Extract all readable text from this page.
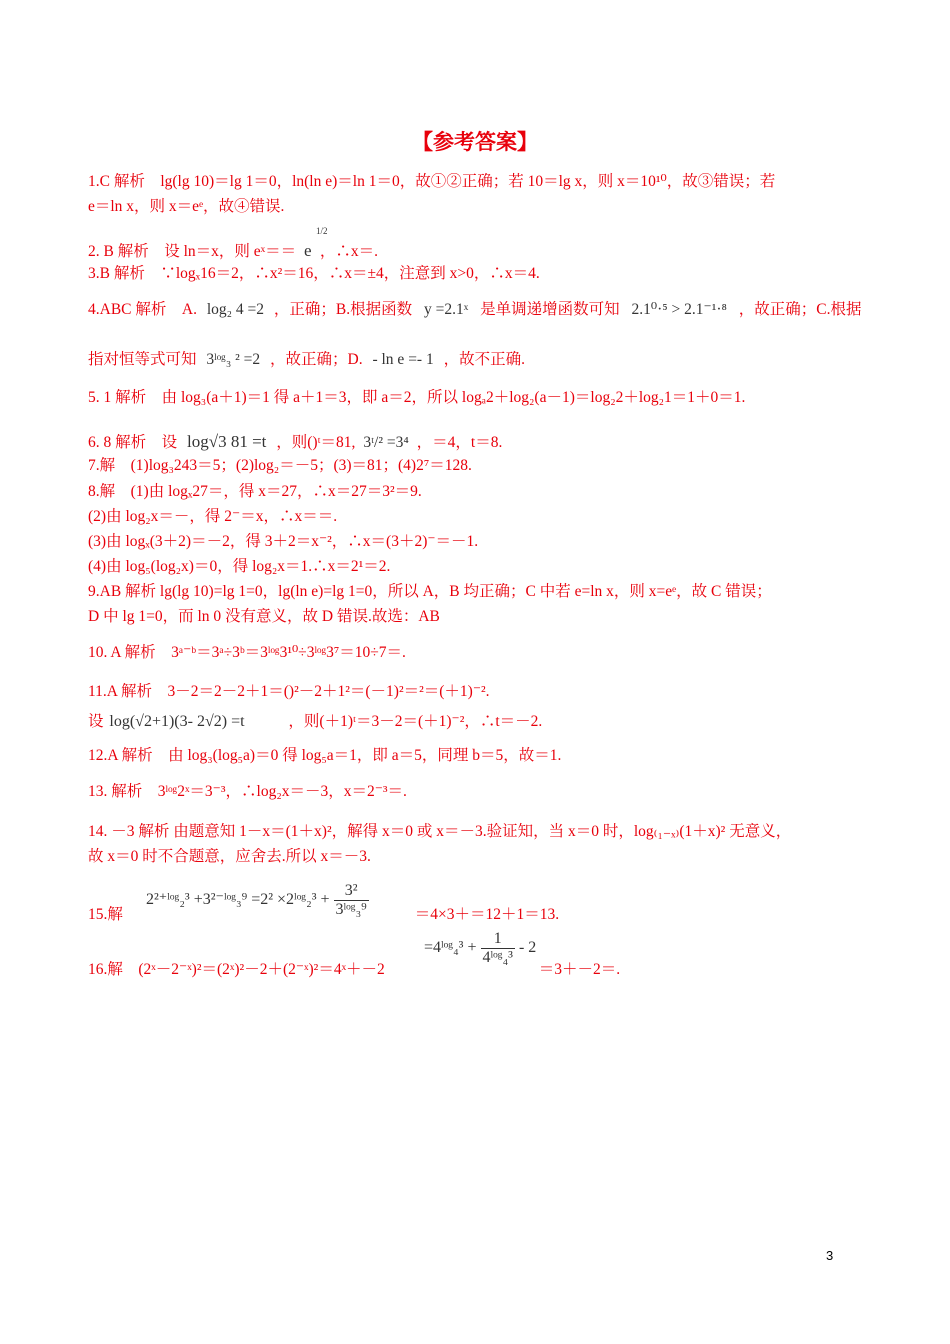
【参考答案】
1.C 解析　lg(lg 10)＝lg 1＝0，ln(ln e)＝ln 1＝0，故①②正确；若 10＝lg x，则 x＝10¹⁰，故③错误；若
e＝ln x，则 x＝eᵉ，故④错误.
2. B 解析　设 ln＝x，则 eˣ＝＝ e
1/2
，∴x＝.
3.B 解析　∵logₓ16＝2，∴x²＝16，∴x＝±4，注意到 x>0，∴x＝4.
4.ABC 解析　A. log₂ 4 =2 ，正确；B.根据函数 y =2.1ˣ 是单调递增函数可知 2.1⁰·⁵ > 2.1⁻¹·⁸ ，故正确；C.根据
指对恒等式可知 3ˡᵒᵍ₃ ² =2 ，故正确；D. - ln e =- 1 ，故不正确.
5. 1 解析　由 log₃(a＋1)＝1 得 a＋1＝3，即 a＝2，所以 logₐ2＋log₂(a－1)＝log₂2＋log₂1＝1＋0＝1.
6. 8 解析　设 log√3 81 =t ，则()ᵗ＝81, 3ᵗ/² =3⁴ ，＝4，t＝8.
7.解　(1)log₃243＝5；(2)log₂＝－5；(3)＝81；(4)2⁷＝128.
8.解　(1)由 logₓ27＝，得 x＝27，∴x＝27＝3²＝9.
(2)由 log₂x＝－，得 2⁻＝x，∴x＝＝.
(3)由 logₓ(3＋2)＝－2，得 3＋2＝x⁻²，∴x＝(3＋2)⁻＝－1.
(4)由 log₅(log₂x)＝0，得 log₂x＝1.∴x＝2¹＝2.
9.AB 解析 lg(lg 10)=lg 1=0，lg(ln e)=lg 1=0，所以 A，B 均正确；C 中若 e=ln x，则 x=eᵉ，故 C 错误；
D 中 lg 1=0，而 ln 0 没有意义，故 D 错误.故选：AB
10. A 解析　3ᵃ⁻ᵇ＝3ᵃ÷3ᵇ＝3ˡᵒᵍ3¹⁰÷3ˡᵒᵍ3⁷＝10÷7＝.
11.A 解析　3－2＝2－2＋1＝()²－2＋1²＝(－1)²＝²＝(＋1)⁻².
设 log(√2+1)(3- 2√2) =t	，则(＋1)ᵗ＝3－2＝(＋1)⁻²，∴t＝－2.
12.A 解析　由 log₃(log₅a)＝0 得 log₅a＝1，即 a＝5，同理 b＝5，故＝1.
13. 解析　3ˡᵒᵍ2ˣ＝3⁻³，∴log₂x＝－3，x＝2⁻³＝.
14. －3 解析 由题意知 1－x＝(1＋x)²，解得 x＝0 或 x＝－3.验证知，当 x＝0 时，log₍₁₋ₓ₎(1＋x)² 无意义，
故 x＝0 时不合题意，应舍去.所以 x＝－3.
2²⁺ˡᵒᵍ₂³ +3²⁻ˡᵒᵍ₃⁹ =2² ×2ˡᵒᵍ₂³ + $\frac{\text{3²}}{\text{3ˡᵒᵍ₃⁹}}$
15.解	＝4×3＋＝12＋1＝13.
=4ˡᵒᵍ₄³ + $\frac{1}{\text{4ˡᵒᵍ₄³}} - 2$
16.解　(2ˣ－2⁻ˣ)²＝(2ˣ)²－2＋(2⁻ˣ)²＝4ˣ＋－2	＝3＋－2＝.
3
